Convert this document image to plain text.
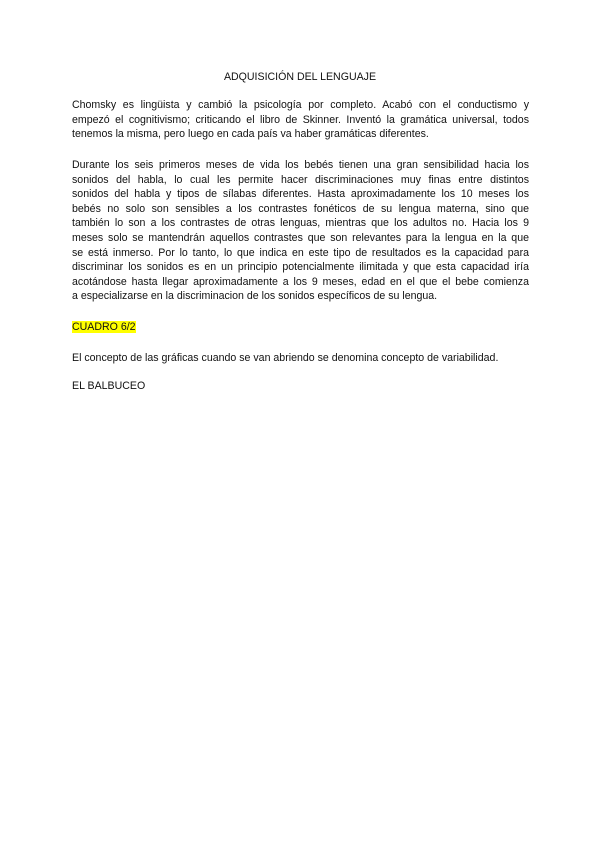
ADQUISICIÓN DEL LENGUAJE
Chomsky es lingüista y cambió la psicología por completo. Acabó con el conductismo y
empezó el cognitivismo; criticando el libro de Skinner. Inventó la gramática universal, todos
tenemos la misma, pero luego en cada país va haber gramáticas diferentes.
Durante los seis primeros meses de vida los bebés tienen una gran sensibilidad hacia los
sonidos del habla, lo cual les permite hacer discriminaciones muy finas entre distintos
sonidos del habla y tipos de sílabas diferentes. Hasta aproximadamente los 10 meses los
bebés no solo son sensibles a los contrastes fonéticos de su lengua materna, sino que
también lo son a los contrastes de otras lenguas, mientras que los adultos no. Hacia los 9
meses solo se mantendrán aquellos contrastes que son relevantes para la lengua en la que
se está inmerso. Por lo tanto, lo que indica en este tipo de resultados es la capacidad para
discriminar los sonidos es en un principio potencialmente ilimitada y que esta capacidad iría
acotándose hasta llegar aproximadamente a los 9 meses, edad en el que el bebe comienza
a especializarse en la discriminacion de los sonidos específicos de su lengua.
CUADRO 6/2
El concepto de las gráficas cuando se van abriendo se denomina concepto de variabilidad.
EL BALBUCEO
